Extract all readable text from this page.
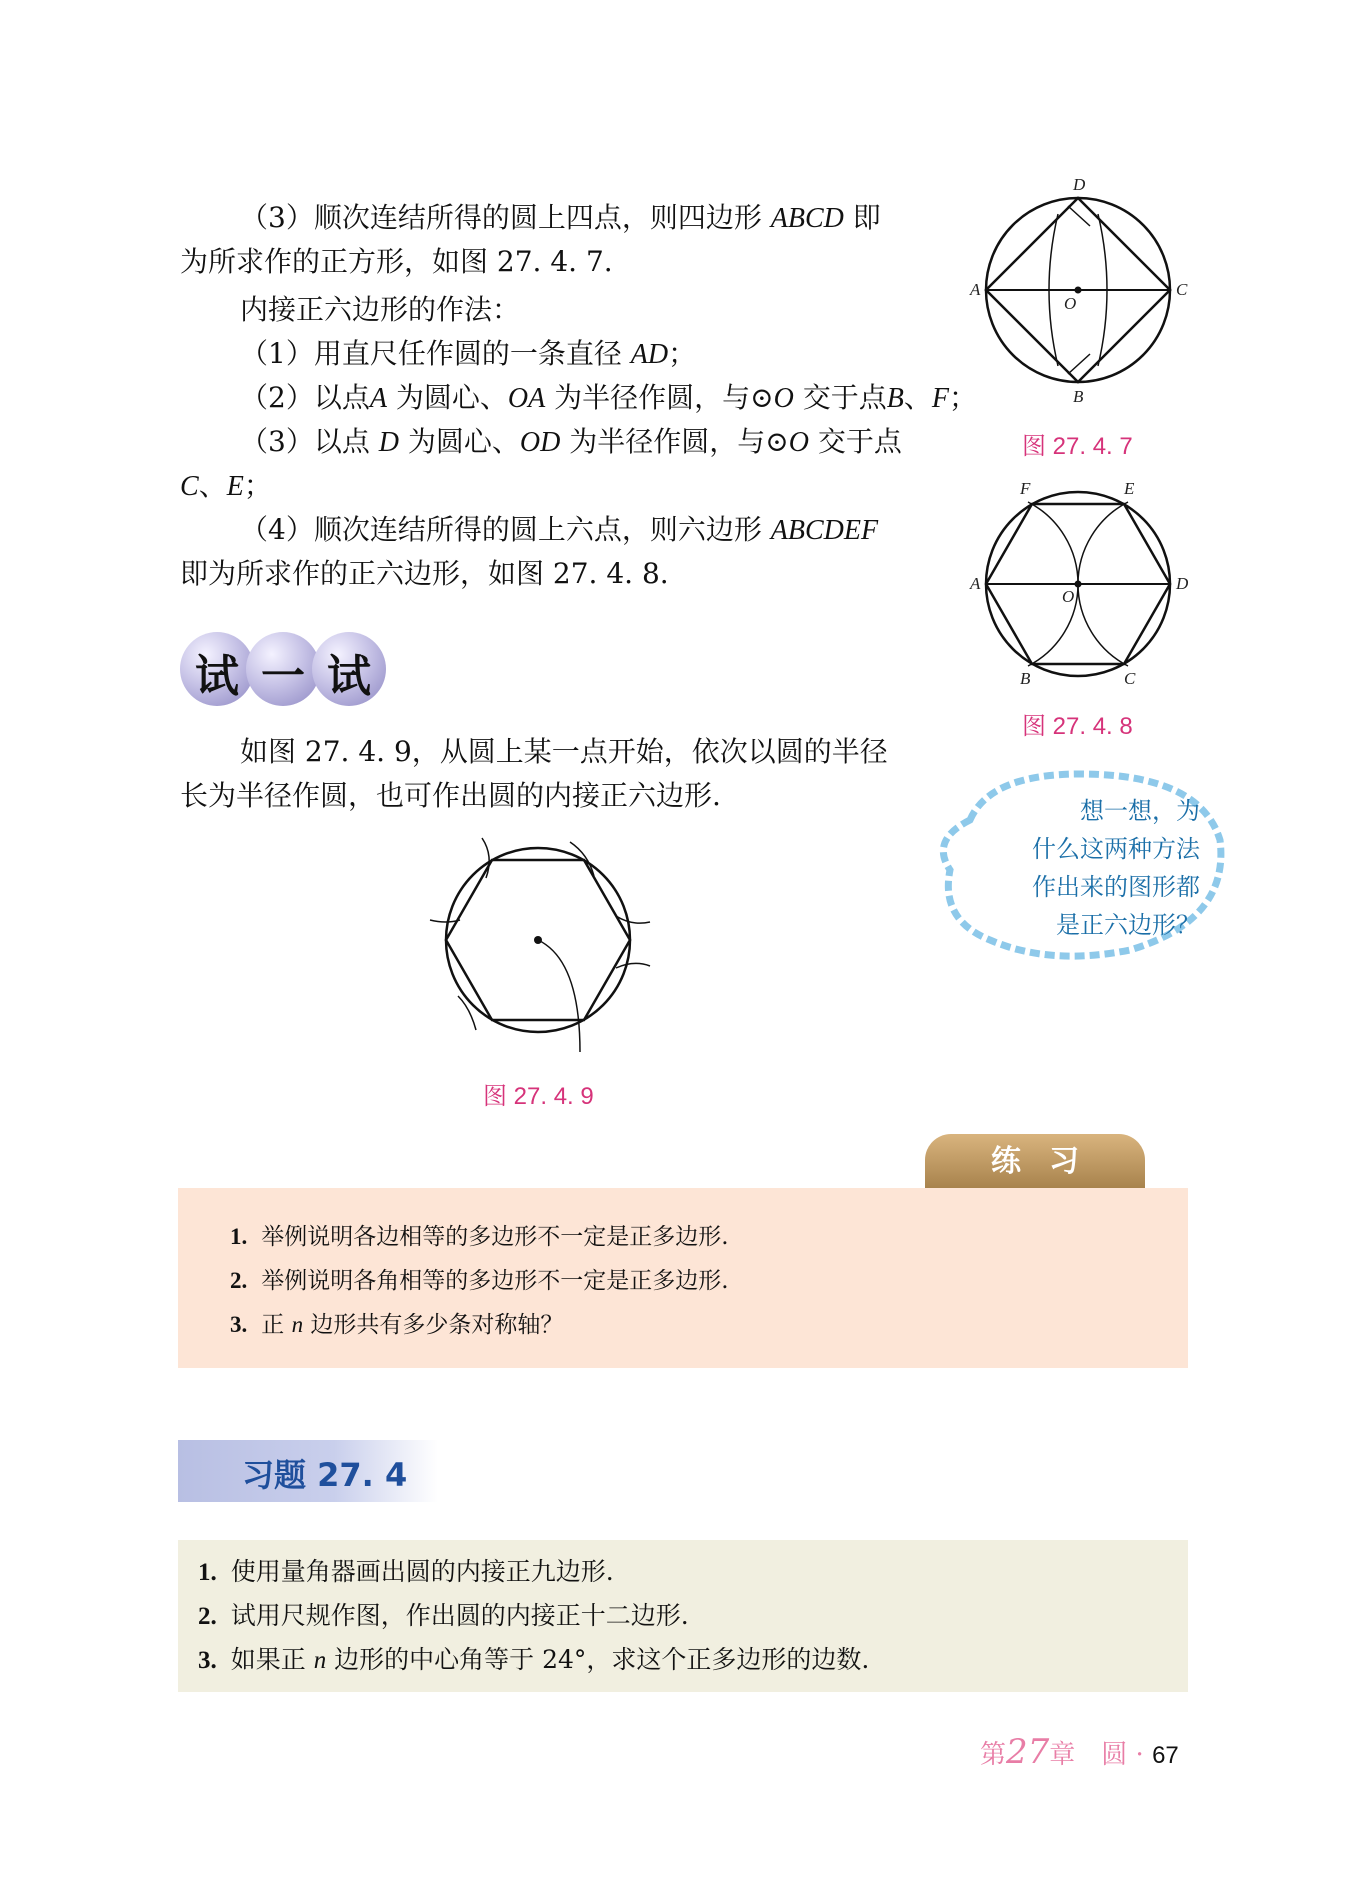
（3）顺次连结所得的圆上四点，则四边形 ABCD 即

为所求作的正方形，如图 27. 4. 7.

内接正六边形的作法：

（1）用直尺任作圆的一条直径 AD；

（2）以点A 为圆心、OA 为半径作圆，与⊙O 交于点B、F；

（3）以点 D 为圆心、OD 为半径作圆，与⊙O 交于点

C、E；

（4）顺次连结所得的圆上六点，则六边形 ABCDEF

即为所求作的正六边形，如图 27. 4. 8.

试 一 试

如图 27. 4. 9，从圆上某一点开始，依次以圆的半径

长为半径作圆，也可作出圆的内接正六边形.

D
A
O
C
B
图 27. 4. 7
F	E
A
O
D
B	C
图 27. 4. 8
想一想，为
什么这两种方法
作出来的图形都
是正六边形？
图 27. 4. 9
练习
1. 举例说明各边相等的多边形不一定是正多边形.
2. 举例说明各角相等的多边形不一定是正多边形.
3. 正 n 边形共有多少条对称轴？
习题 27. 4
1. 使用量角器画出圆的内接正九边形.
2. 试用尺规作图，作出圆的内接正十二边形.
3. 如果正 n 边形的中心角等于 24°，求这个正多边形的边数.
第27章　圆 · 67
